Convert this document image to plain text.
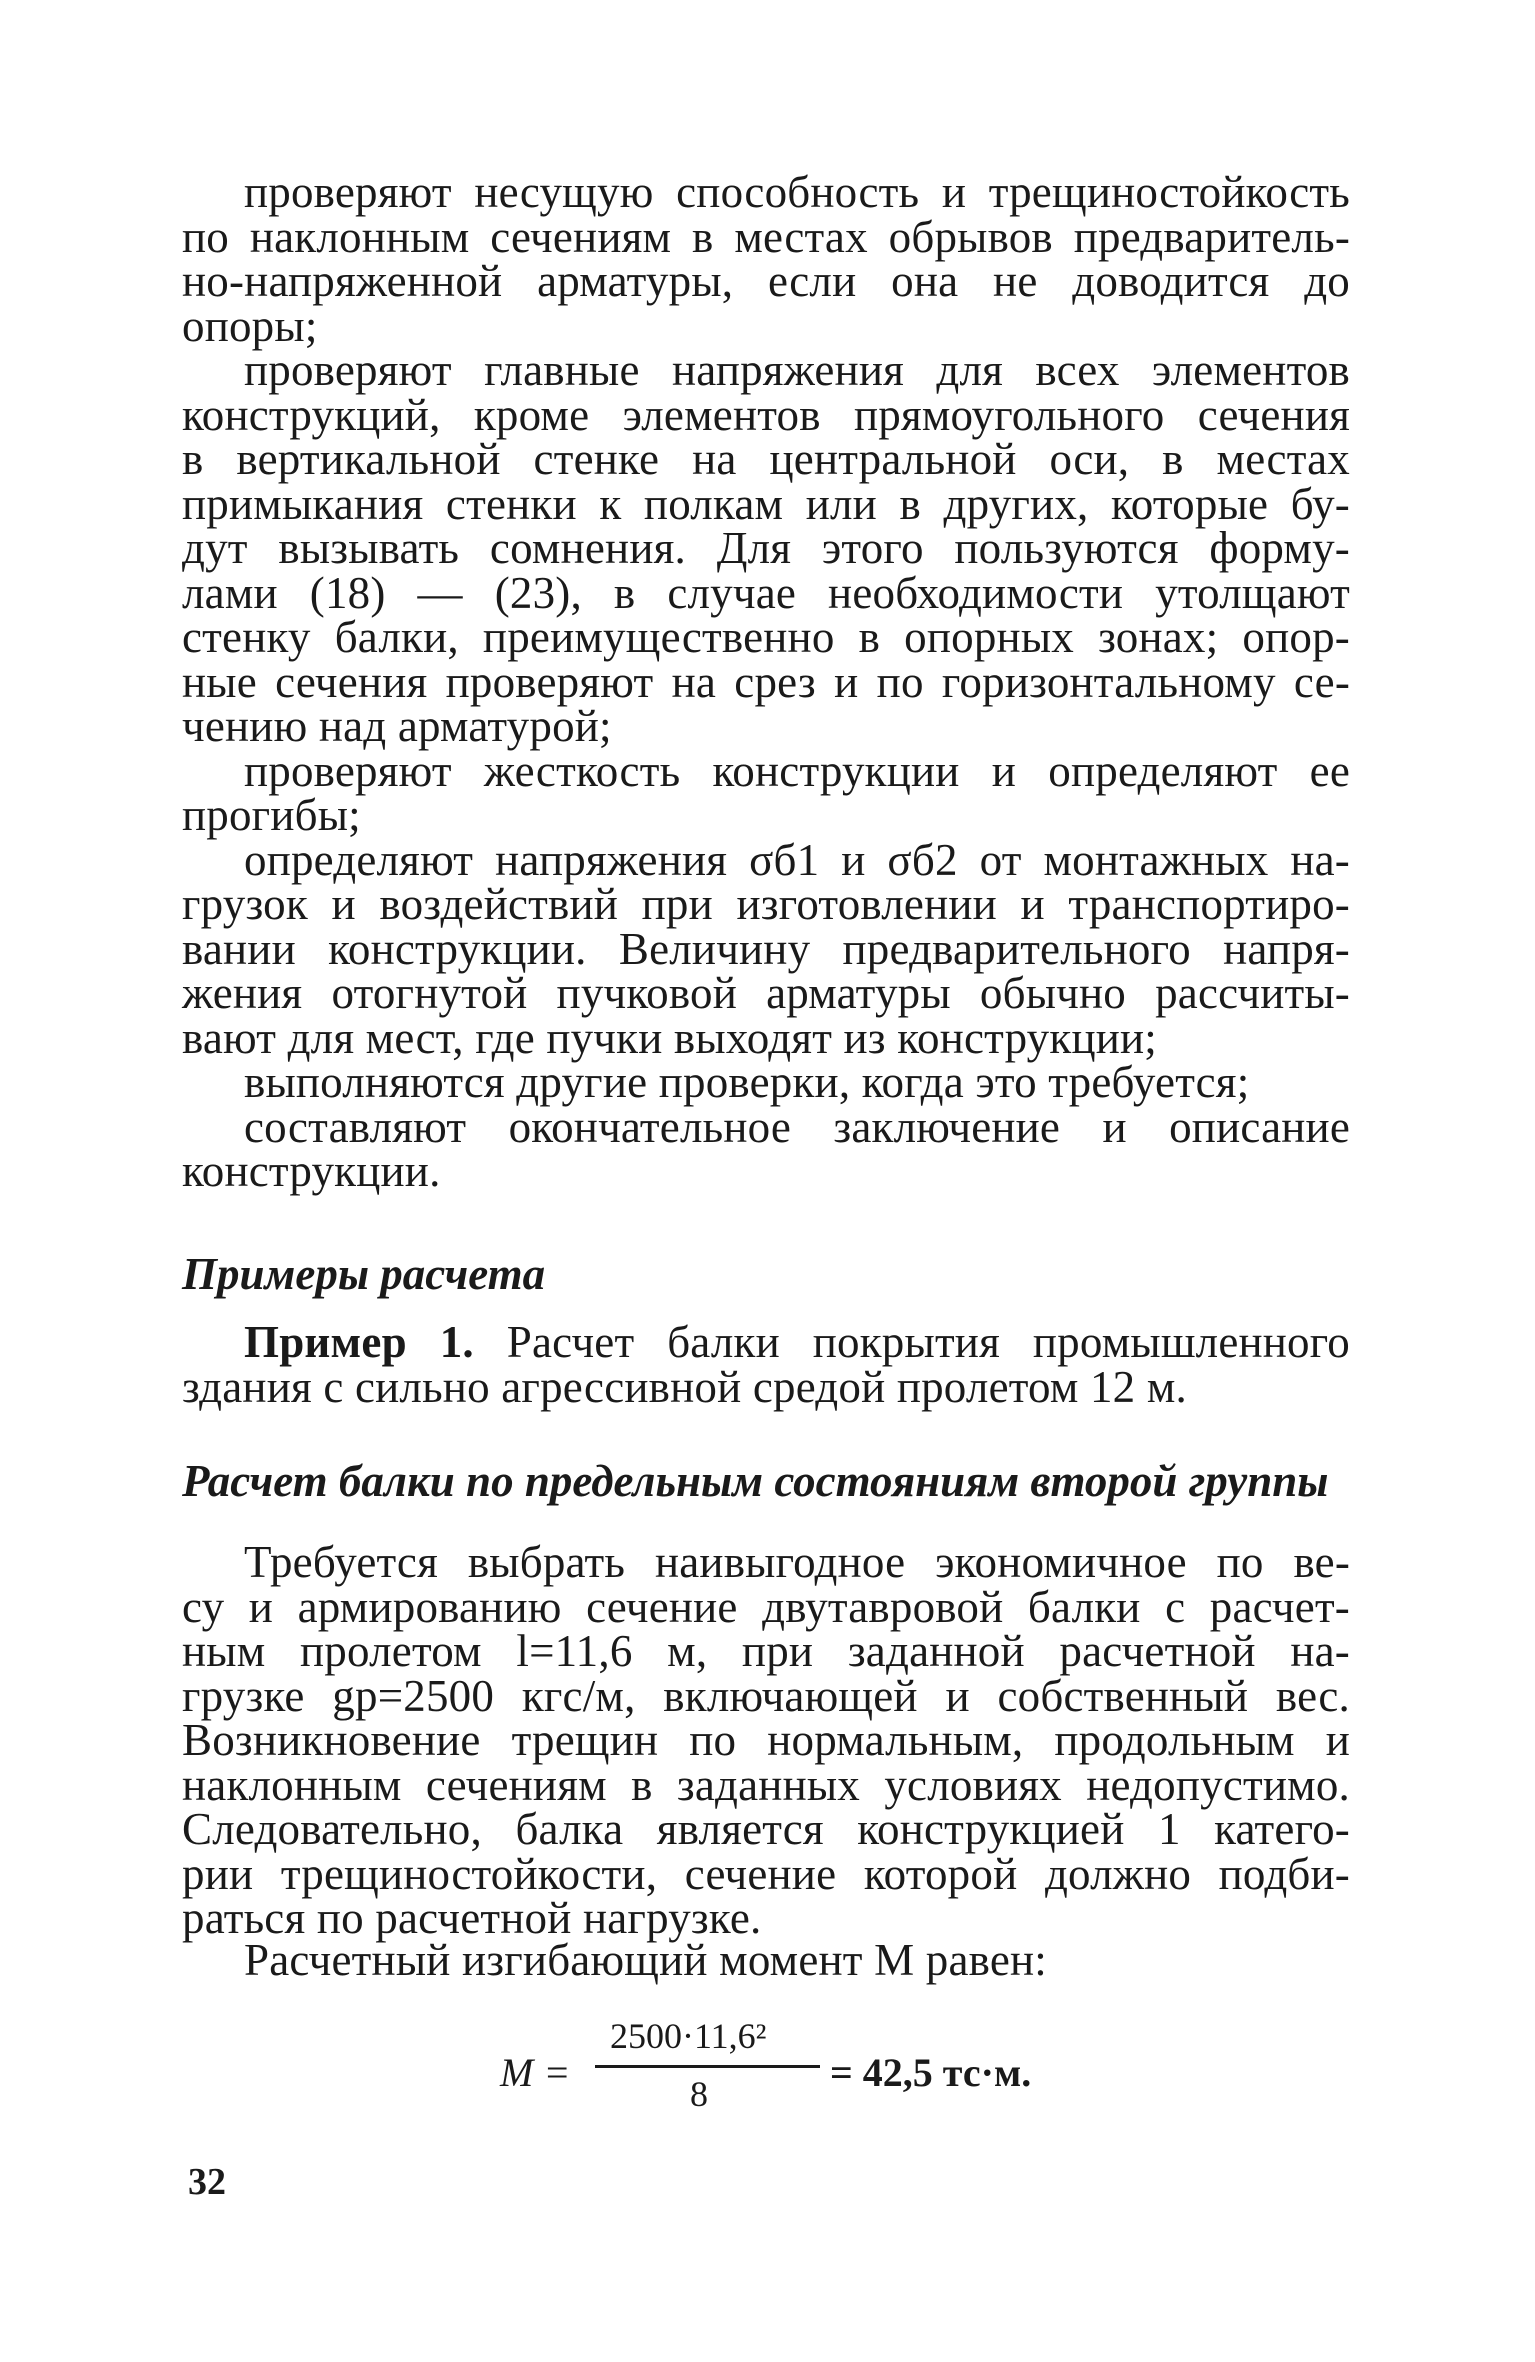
проверяют несущую способность и трещиностойкость
по наклонным сечениям в местах обрывов предваритель-
но-напряженной арматуры, если она не доводится до
опоры;

проверяют главные напряжения для всех элементов
конструкций, кроме элементов прямоугольного сечения
в вертикальной стенке на центральной оси, в местах
примыкания стенки к полкам или в других, которые бу-
дут вызывать сомнения. Для этого пользуются форму-
лами (18) — (23), в случае необходимости утолщают
стенку балки, преимущественно в опорных зонах; опор-
ные сечения проверяют на срез и по горизонтальному се-
чению над арматурой;

проверяют жесткость конструкции и определяют ее
прогибы;

определяют напряжения σб1 и σб2 от монтажных на-
грузок и воздействий при изготовлении и транспортиро-
вании конструкции. Величину предварительного напря-
жения отогнутой пучковой арматуры обычно рассчиты-
вают для мест, где пучки выходят из конструкции;

выполняются другие проверки, когда это требуется;

составляют окончательное заключение и описание
конструкции.

Примеры расчета

Пример 1. Расчет балки покрытия промышленного
здания с сильно агрессивной средой пролетом 12 м.

Расчет балки по предельным состояниям второй группы

Требуется выбрать наивыгодное экономичное по ве-
су и армированию сечение двутавровой балки с расчет-
ным пролетом l=11,6 м, при заданной расчетной на-
грузке gр=2500 кгс/м, включающей и собственный вес.
Возникновение трещин по нормальным, продольным и
наклонным сечениям в заданных условиях недопустимо.
Следовательно, балка является конструкцией 1 катего-
рии трещиностойкости, сечение которой должно подби-
раться по расчетной нагрузке.

Расчетный изгибающий момент M равен:

M =
2500·11,6²
8	= 42,5 тс·м.
32
